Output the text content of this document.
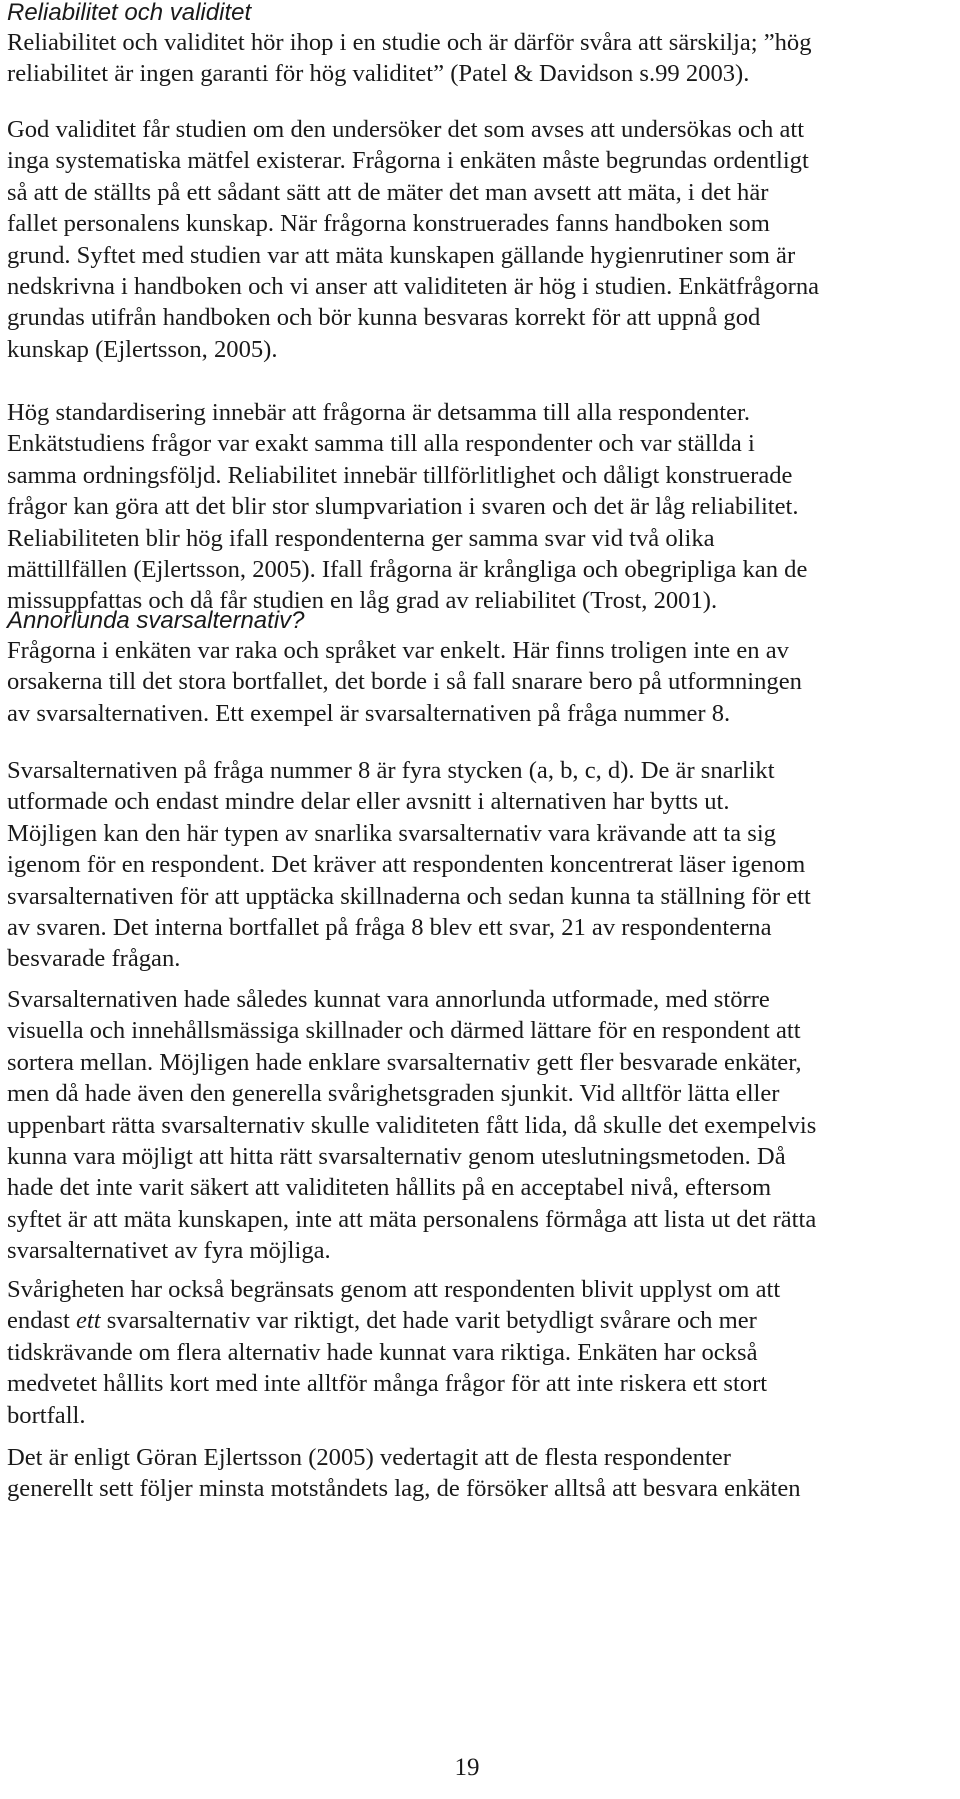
Reliabilitet och validitet
Reliabilitet och validitet hör ihop i en studie och är därför svåra att särskilja; ”hög
reliabilitet är ingen garanti för hög validitet” (Patel & Davidson s.99 2003).
God validitet får studien om den undersöker det som avses att undersökas och att
inga systematiska mätfel existerar. Frågorna i enkäten måste begrundas ordentligt
så att de ställts på ett sådant sätt att de mäter det man avsett att mäta, i det här
fallet personalens kunskap. När frågorna konstruerades fanns handboken som
grund. Syftet med studien var att mäta kunskapen gällande hygienrutiner som är
nedskrivna i handboken och vi anser att validiteten är hög i studien. Enkätfrågorna
grundas utifrån handboken och bör kunna besvaras korrekt för att uppnå god
kunskap (Ejlertsson, 2005).
Hög standardisering innebär att frågorna är detsamma till alla respondenter.
Enkätstudiens frågor var exakt samma till alla respondenter och var ställda i
samma ordningsföljd. Reliabilitet innebär tillförlitlighet och dåligt konstruerade
frågor kan göra att det blir stor slumpvariation i svaren och det är låg reliabilitet.
Reliabiliteten blir hög ifall respondenterna ger samma svar vid två olika
mättillfällen (Ejlertsson, 2005). Ifall frågorna är krångliga och obegripliga kan de
missuppfattas och då får studien en låg grad av reliabilitet (Trost, 2001).
Annorlunda svarsalternativ?
Frågorna i enkäten var raka och språket var enkelt. Här finns troligen inte en av
orsakerna till det stora bortfallet, det borde i så fall snarare bero på utformningen
av svarsalternativen. Ett exempel är svarsalternativen på fråga nummer 8.
Svarsalternativen på fråga nummer 8 är fyra stycken (a, b, c, d). De är snarlikt
utformade och endast mindre delar eller avsnitt i alternativen har bytts ut.
Möjligen kan den här typen av snarlika svarsalternativ vara krävande att ta sig
igenom för en respondent. Det kräver att respondenten koncentrerat läser igenom
svarsalternativen för att upptäcka skillnaderna och sedan kunna ta ställning för ett
av svaren. Det interna bortfallet på fråga 8 blev ett svar, 21 av respondenterna
besvarade frågan.
Svarsalternativen hade således kunnat vara annorlunda utformade, med större
visuella och innehållsmässiga skillnader och därmed lättare för en respondent att
sortera mellan. Möjligen hade enklare svarsalternativ gett fler besvarade enkäter,
men då hade även den generella svårighetsgraden sjunkit. Vid alltför lätta eller
uppenbart rätta svarsalternativ skulle validiteten fått lida, då skulle det exempelvis
kunna vara möjligt att hitta rätt svarsalternativ genom uteslutningsmetoden. Då
hade det inte varit säkert att validiteten hållits på en acceptabel nivå, eftersom
syftet är att mäta kunskapen, inte att mäta personalens förmåga att lista ut det rätta
svarsalternativet av fyra möjliga.
Svårigheten har också begränsats genom att respondenten blivit upplyst om att
endast ett svarsalternativ var riktigt, det hade varit betydligt svårare och mer
tidskrävande om flera alternativ hade kunnat vara riktiga. Enkäten har också
medvetet hållits kort med inte alltför många frågor för att inte riskera ett stort
bortfall.
Det är enligt Göran Ejlertsson (2005) vedertagit att de flesta respondenter
generellt sett följer minsta motståndets lag, de försöker alltså att besvara enkäten
19
